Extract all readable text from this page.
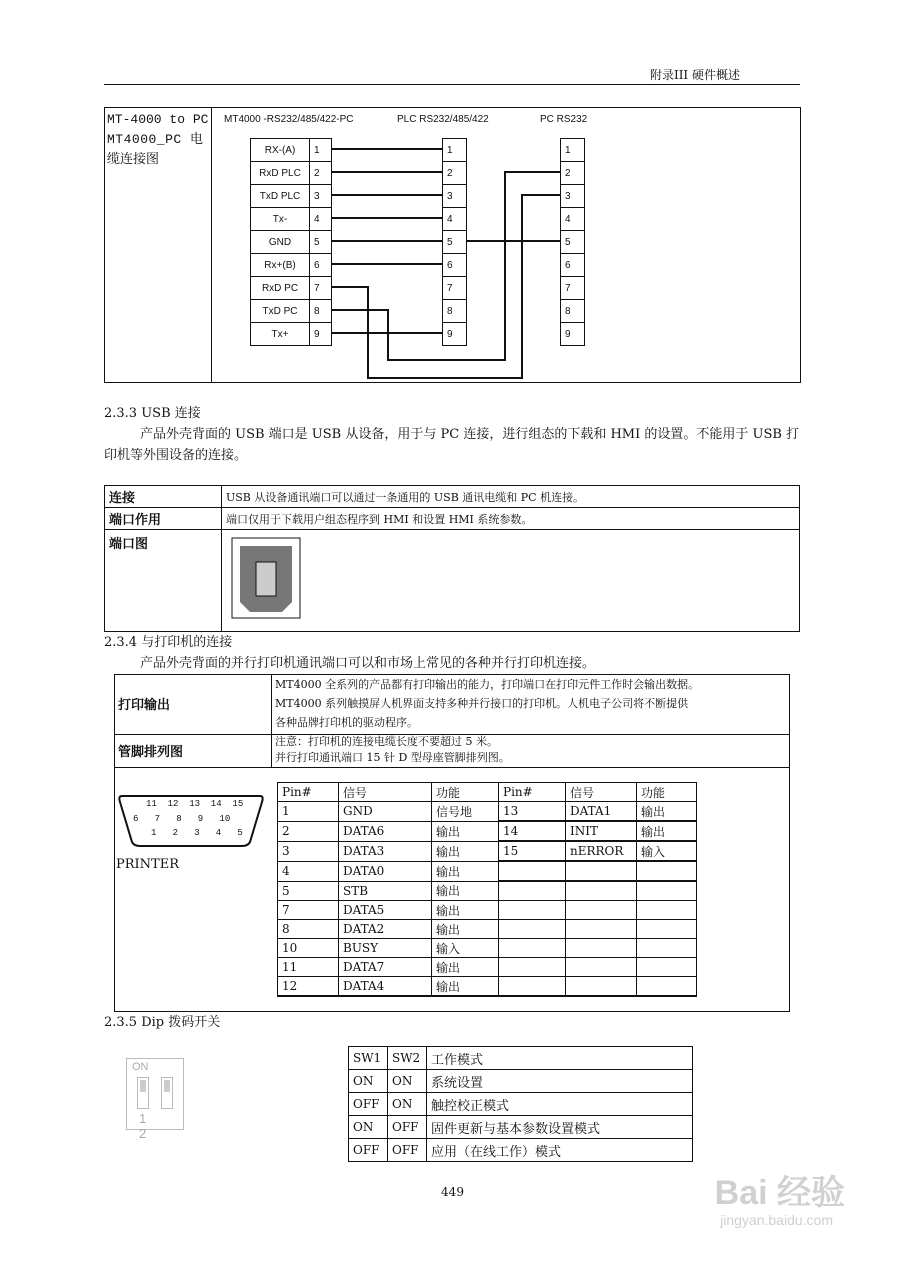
附录III 硬件概述
MT-4000 to PC
MT4000_PC 电
缆连接图
MT4000 -RS232/485/422-PC	PLC RS232/485/422	PC RS232
RX-(A)	1
RxD PLC	2
TxD PLC	3
Tx-	4
GND	5
Rx+(B)	6
RxD PC	7
TxD PC	8
Tx+	9
1
2
3
4
5
6
7
8
9
1
2
3
4
5
6
7
8
9
2.3.3 USB 连接
产品外壳背面的 USB 端口是 USB 从设备，用于与 PC 连接，进行组态的下载和 HMI 的设置。不能用于 USB 打印机等外围设备的连接。
连接	USB 从设备通讯端口可以通过一条通用的 USB 通讯电缆和 PC 机连接。
端口作用	端口仅用于下载用户组态程序到 HMI 和设置 HMI 系统参数。
端口图	
2.3.4 与打印机的连接
产品外壳背面的并行打印机通讯端口可以和市场上常见的各种并行打印机连接。
打印输出
MT4000 全系列的产品都有打印输出的能力，打印端口在打印元件工作时会输出数据。
MT4000 系列触摸屏人机界面支持多种并行接口的打印机。人机电子公司将不断提供
各种品牌打印机的驱动程序。
管脚排列图
注意：打印机的连接电缆长度不要超过 5 米。
并行打印通讯端口 15 针 D 型母座管脚排列图。
11  12  13  14  15
6   7   8   9   10
1   2   3   4   5
PRINTER
Pin#	信号	功能	Pin#	信号	功能
1	GND	信号地	13	DATA1	输出
2	DATA6	输出	14	INIT	输出
3	DATA3	输出	15	nERROR	输入
4	DATA0	输出			
5	STB	输出			
7	DATA5	输出			
8	DATA2	输出			
10	BUSY	输入			
11	DATA7	输出			
12	DATA4	输出			
2.3.5 Dip 拨码开关
ON
1 2
SW1	SW2	工作模式
ON	ON	系统设置
OFF	ON	触控校正模式
ON	OFF	固件更新与基本参数设置模式
OFF	OFF	应用（在线工作）模式
449	Bai 经验
jingyan.baidu.com
